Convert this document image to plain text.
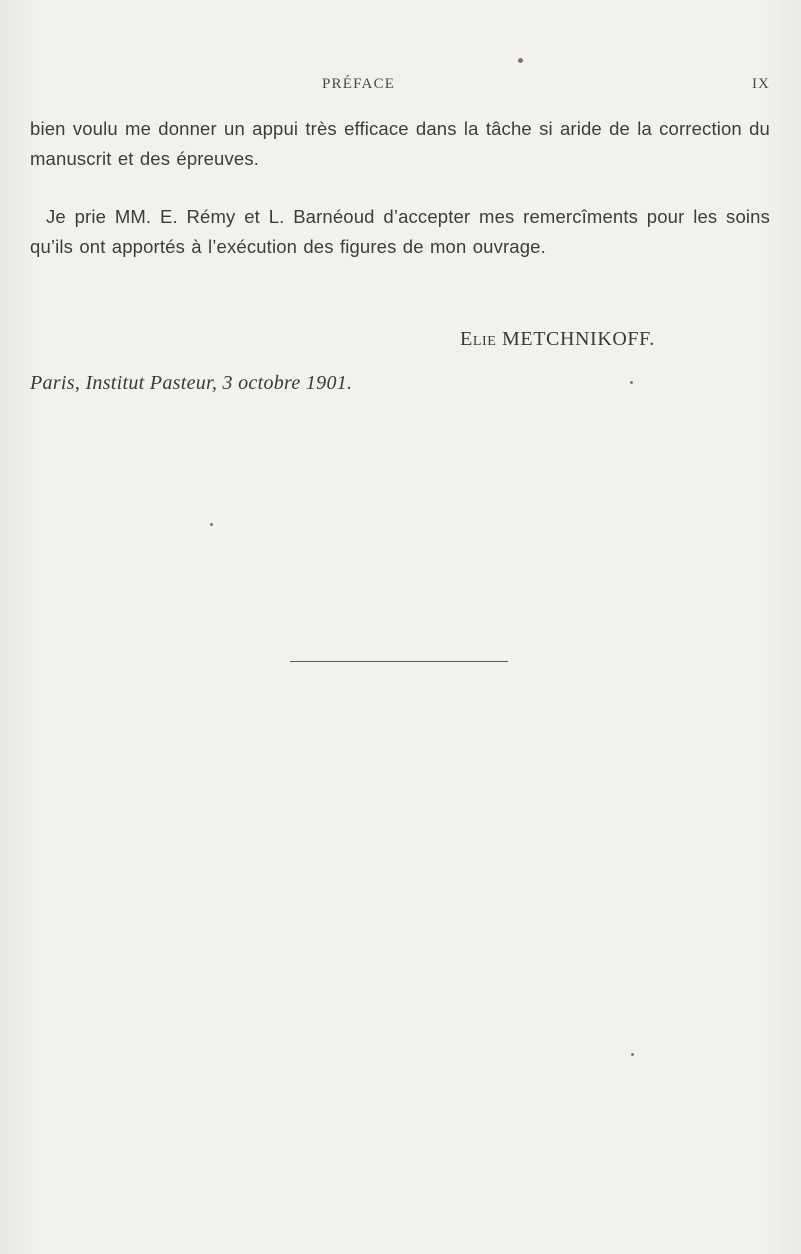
PRÉFACE	IX

bien voulu me donner un appui très efficace dans la tâche si aride de la correction du manuscrit et des épreuves.

Je prie MM. E. Rémy et L. Barnéoud d’accepter mes remercîments pour les soins qu’ils ont apportés à l’exécution des figures de mon ouvrage.

ELIE METCHNIKOFF.
Paris, Institut Pasteur, 3 octobre 1901.
